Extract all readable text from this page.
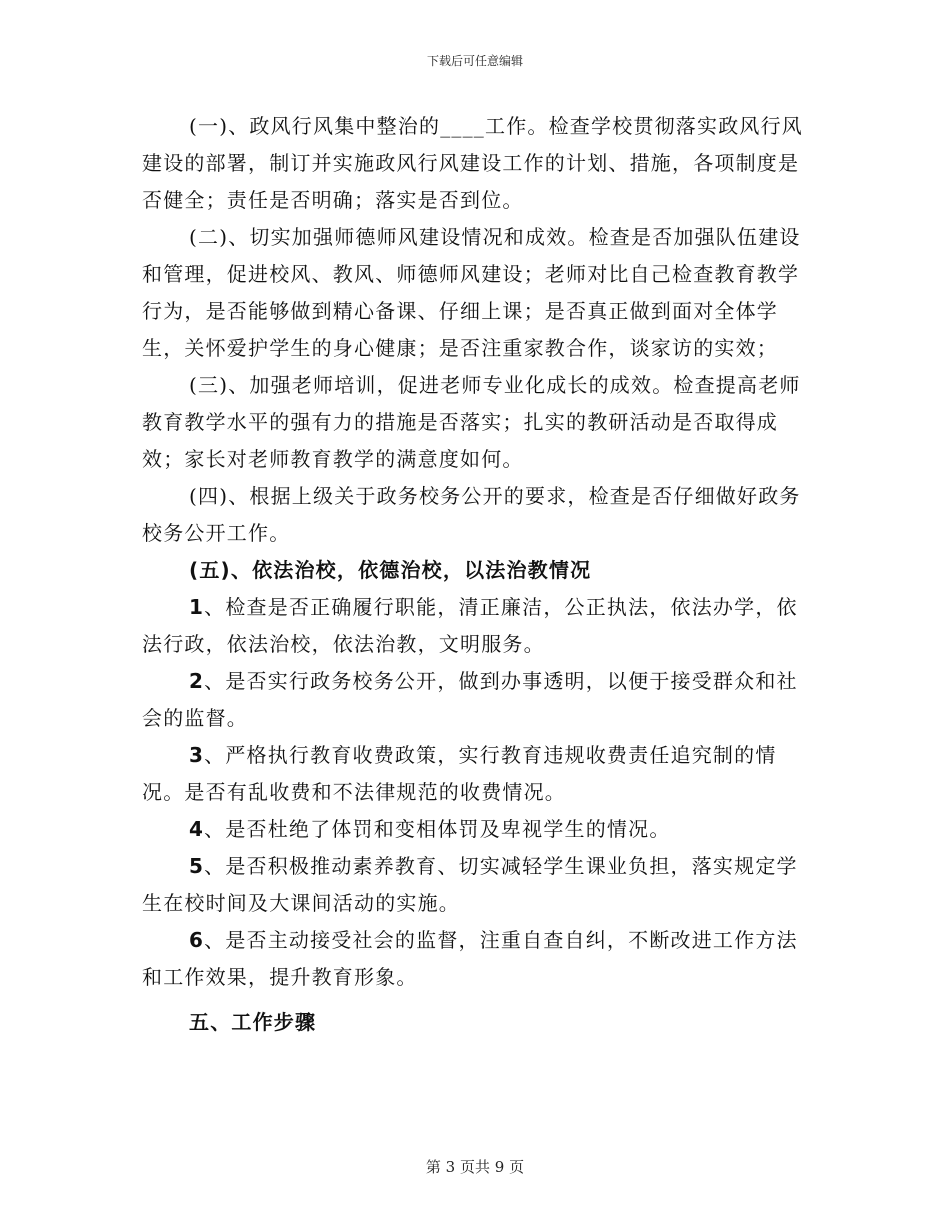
下载后可任意编辑

(一)、政风行风集中整治的____工作。检查学校贯彻落实政风行风建设的部署，制订并实施政风行风建设工作的计划、措施，各项制度是否健全；责任是否明确；落实是否到位。

(二)、切实加强师德师风建设情况和成效。检查是否加强队伍建设和管理，促进校风、教风、师德师风建设；老师对比自己检查教育教学行为，是否能够做到精心备课、仔细上课；是否真正做到面对全体学生，关怀爱护学生的身心健康；是否注重家教合作，谈家访的实效；

(三)、加强老师培训，促进老师专业化成长的成效。检查提高老师教育教学水平的强有力的措施是否落实；扎实的教研活动是否取得成效；家长对老师教育教学的满意度如何。

(四)、根据上级关于政务校务公开的要求，检查是否仔细做好政务校务公开工作。

(五)、依法治校，依德治校，以法治教情况

1、检查是否正确履行职能，清正廉洁，公正执法，依法办学，依法行政，依法治校，依法治教，文明服务。

2、是否实行政务校务公开，做到办事透明，以便于接受群众和社会的监督。

3、严格执行教育收费政策，实行教育违规收费责任追究制的情况。是否有乱收费和不法律规范的收费情况。

4、是否杜绝了体罚和变相体罚及卑视学生的情况。

5、是否积极推动素养教育、切实减轻学生课业负担，落实规定学生在校时间及大课间活动的实施。

6、是否主动接受社会的监督，注重自查自纠，不断改进工作方法和工作效果，提升教育形象。

五、工作步骤

第 3 页共 9 页
